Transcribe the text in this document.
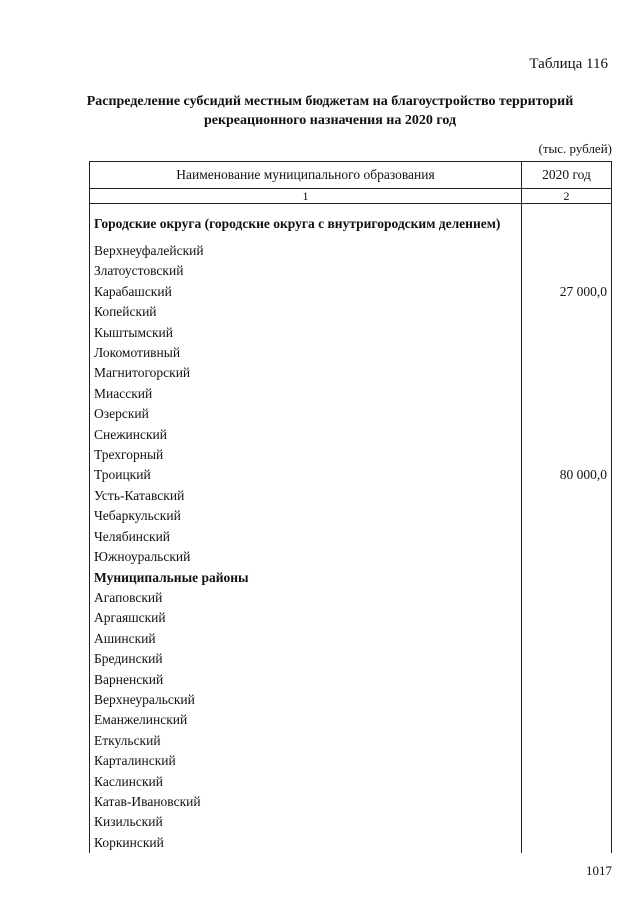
Таблица 116
Распределение субсидий местным бюджетам на благоустройство территорий
рекреационного назначения на 2020 год
(тыс. рублей)
Наименование муниципального образования	2020 год
1	2
Городские округа (городские округа с внутригородским делением)	
Верхнеуфалейский	
Златоустовский	
Карабашский	27 000,0
Копейский	
Кыштымский	
Локомотивный	
Магнитогорский	
Миасский	
Озерский	
Снежинский	
Трехгорный	
Троицкий	80 000,0
Усть-Катавский	
Чебаркульский	
Челябинский	
Южноуральский	
Муниципальные районы	
Агаповский	
Аргаяшский	
Ашинский	
Брединский	
Варненский	
Верхнеуральский	
Еманжелинский	
Еткульский	
Карталинский	
Каслинский	
Катав-Ивановский	
Кизильский	
Коркинский	
1017
